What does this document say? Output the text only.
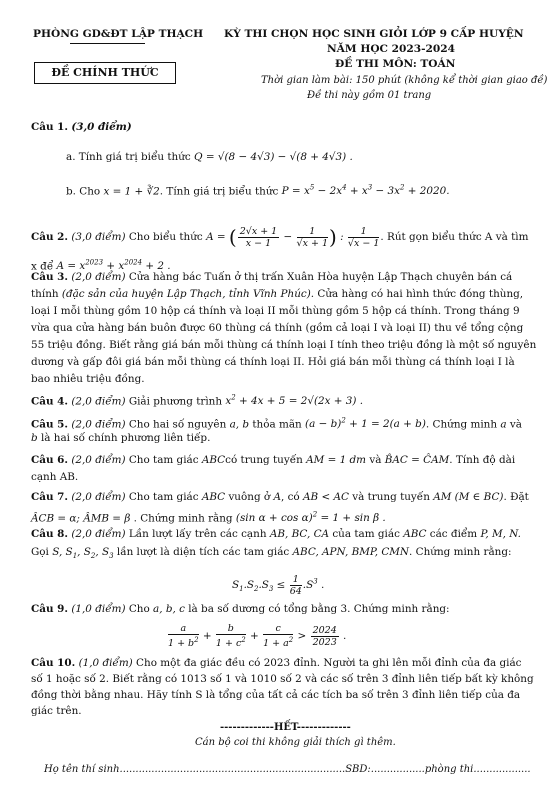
PHÒNG GD&ĐT LẬP THẠCH
ĐỀ CHÍNH THỨC
KỲ THI CHỌN HỌC SINH GIỎI LỚP 9 CẤP HUYỆN
NĂM HỌC 2023-2024
ĐỀ THI MÔN: TOÁN
Thời gian làm bài: 150 phút (không kể thời gian giao đề)
Đề thi này gồm 01 trang
Câu 1. (3,0 điểm)
a. Tính giá trị biểu thức Q = √(8 − 4√3) − √(8 + 4√3) .
b. Cho x = 1 + ∛2. Tính giá trị biểu thức $P = x^5 - 2x^4 + x^3 - 3x^2 + 2020$.
Câu 2. (3,0 điểm) Cho biểu thức A = ( $\frac{2√x + 1}{x - 1} - \frac{1}{√x + 1}$ ) : $\frac{1}{√x - 1}$ . Rút gọn biểu thức A và tìm
x để $A = x^{2023} + x^{2024} + 2$ .
Câu 3. (2,0 điểm) Cửa hàng bác Tuấn ở thị trấn Xuân Hòa huyện Lập Thạch chuyên bán cá
thính (đặc sản của huyện Lập Thạch, tỉnh Vĩnh Phúc). Cửa hàng có hai hình thức đóng thùng,
loại I mỗi thùng gồm 10 hộp cá thính và loại II mỗi thùng gồm 5 hộp cá thính. Trong tháng 9
vừa qua cửa hàng bán buôn được 60 thùng cá thính (gồm cả loại I và loại II) thu về tổng cộng
55 triệu đồng. Biết rằng giá bán mỗi thùng cá thính loại I tính theo triệu đồng là một số nguyên
dương và gấp đôi giá bán mỗi thùng cá thính loại II. Hỏi giá bán mỗi thùng cá thính loại I là
bao nhiêu triệu đồng.
Câu 4. (2,0 điểm) Giải phương trình $x^2 + 4x + 5 = 2√(2x + 3)$ .
Câu 5. (2,0 điểm) Cho hai số nguyên a, b thỏa mãn $(a - b)^2 + 1 = 2(a + b)$. Chứng minh a và
b là hai số chính phương liên tiếp.
Câu 6. (2,0 điểm) Cho tam giác ABCcó trung tuyến AM = 1 dm và B̂AC = ĈAM. Tính độ dài
cạnh AB.
Câu 7. (2,0 điểm) Cho tam giác ABC vuông ở A, có AB < AC và trung tuyến AM (M ∈ BC). Đặt
ÂCB = α; ÂMB = β . Chứng minh rằng (sin α + cos α)$^2$ = 1 + sin β .
Câu 8. (2,0 điểm) Lần lượt lấy trên các cạnh AB, BC, CA của tam giác ABC các điểm P, M, N.
Gọi S, $S_1$, $S_2$, $S_3$ lần lượt là diện tích các tam giác ABC, APN, BMP, CMN. Chứng minh rằng:
$S_1.S_2.S_3 \le \frac{1}{64} .S^3$ .
Câu 9. (1,0 điểm) Cho a, b, c là ba số dương có tổng bằng 3. Chứng minh rằng:
$\frac{a}{1 + b^2} + \frac{b}{1 + c^2} + \frac{c}{1 + a^2} > \frac{2024}{2023}$ .
Câu 10. (1,0 điểm) Cho một đa giác đều có 2023 đỉnh. Người ta ghi lên mỗi đỉnh của đa giác
số 1 hoặc số 2. Biết rằng có 1013 số 1 và 1010 số 2 và các số trên 3 đỉnh liên tiếp bất kỳ không
đồng thời bằng nhau. Hãy tính S là tổng của tất cả các tích ba số trên 3 đỉnh liên tiếp của đa
giác trên.
-------------HẾT-------------
Cán bộ coi thi không giải thích gì thêm.
Họ tên thí sinh.......................................................................SBD:.................phòng thi..................
